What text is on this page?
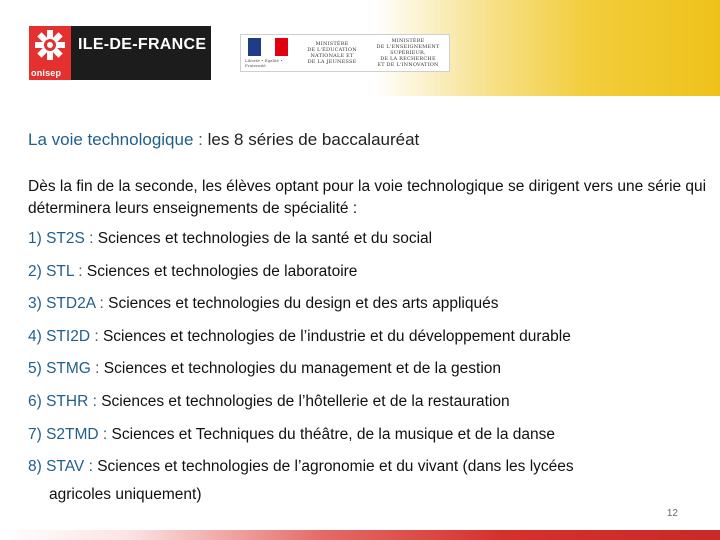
onisep
ILE-DE-FRANCE
Liberté • Égalité • Fraternité
MINISTÈRE
DE L'ÉDUCATION
NATIONALE ET
DE LA JEUNESSE
MINISTÈRE
DE L'ENSEIGNEMENT SUPÉRIEUR,
DE LA RECHERCHE
ET DE L'INNOVATION
La voie technologique : les 8 séries de baccalauréat
Dès la fin de la seconde, les élèves optant pour la voie technologique se dirigent vers une série qui déterminera leurs enseignements de spécialité :
1) ST2S : Sciences et technologies de la santé et du social
2) STL : Sciences et technologies de laboratoire
3) STD2A : Sciences et technologies du design et des arts appliqués
4) STI2D : Sciences et technologies de l’industrie et du développement durable
5) STMG : Sciences et technologies du management et de la gestion
6) STHR : Sciences et technologies de l’hôtellerie et de la restauration
7) S2TMD : Sciences et Techniques du théâtre, de la musique et de la danse
8) STAV : Sciences et technologies de l’agronomie et du vivant (dans les lycées
agricoles uniquement)
12
